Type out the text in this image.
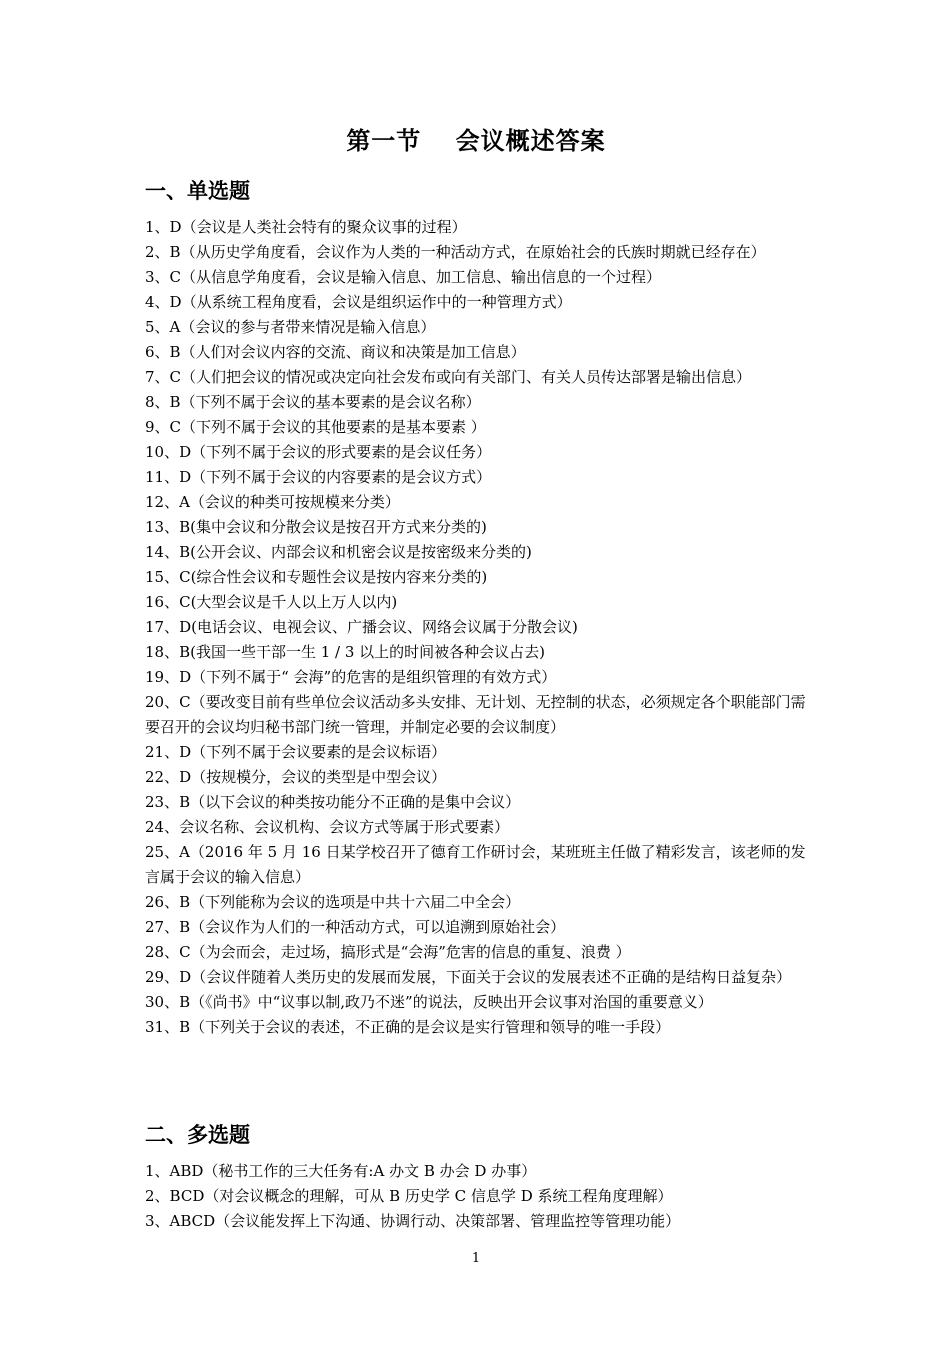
第一节　 会议概述答案
一、单选题
1、D（会议是人类社会特有的聚众议事的过程）
2、B（从历史学角度看，会议作为人类的一种活动方式，在原始社会的氏族时期就已经存在）
3、C（从信息学角度看，会议是输入信息、加工信息、输出信息的一个过程）
4、D（从系统工程角度看，会议是组织运作中的一种管理方式）
5、A（会议的参与者带来情况是输入信息）
6、B（人们对会议内容的交流、商议和决策是加工信息）
7、C（人们把会议的情况或决定向社会发布或向有关部门、有关人员传达部署是输出信息）
8、B（下列不属于会议的基本要素的是会议名称）
9、C（下列不属于会议的其他要素的是基本要素 ）
10、D（下列不属于会议的形式要素的是会议任务）
11、D（下列不属于会议的内容要素的是会议方式）
12、A（会议的种类可按规模来分类）
13、B(集中会议和分散会议是按召开方式来分类的)
14、B(公开会议、内部会议和机密会议是按密级来分类的)
15、C(综合性会议和专题性会议是按内容来分类的)
16、C(大型会议是千人以上万人以内)
17、D(电话会议、电视会议、广播会议、网络会议属于分散会议)
18、B(我国一些干部一生 1 / 3 以上的时间被各种会议占去)
19、D（下列不属于“ 会海”的危害的是组织管理的有效方式）
20、C（要改变目前有些单位会议活动多头安排、无计划、无控制的状态，必须规定各个职能部门需要召开的会议均归秘书部门统一管理，并制定必要的会议制度）
21、D（下列不属于会议要素的是会议标语）
22、D（按规模分，会议的类型是中型会议）
23、B（以下会议的种类按功能分不正确的是集中会议）
24、会议名称、会议机构、会议方式等属于形式要素）
25、A（2016 年 5 月 16 日某学校召开了德育工作研讨会，某班班主任做了精彩发言，该老师的发言属于会议的输入信息）
26、B（下列能称为会议的选项是中共十六届二中全会）
27、B（会议作为人们的一种活动方式，可以追溯到原始社会）
28、C（为会而会，走过场，搞形式是“会海”危害的信息的重复、浪费 ）
29、D（会议伴随着人类历史的发展而发展，下面关于会议的发展表述不正确的是结构日益复杂）
30、B（《尚书》中“议事以制,政乃不迷”的说法，反映出开会议事对治国的重要意义）
31、B（下列关于会议的表述，不正确的是会议是实行管理和领导的唯一手段）
二、多选题
1、ABD（秘书工作的三大任务有:A 办文 B 办会 D 办事）
2、BCD（对会议概念的理解，可从 B 历史学 C 信息学 D 系统工程角度理解）
3、ABCD（会议能发挥上下沟通、协调行动、决策部署、管理监控等管理功能）
1
